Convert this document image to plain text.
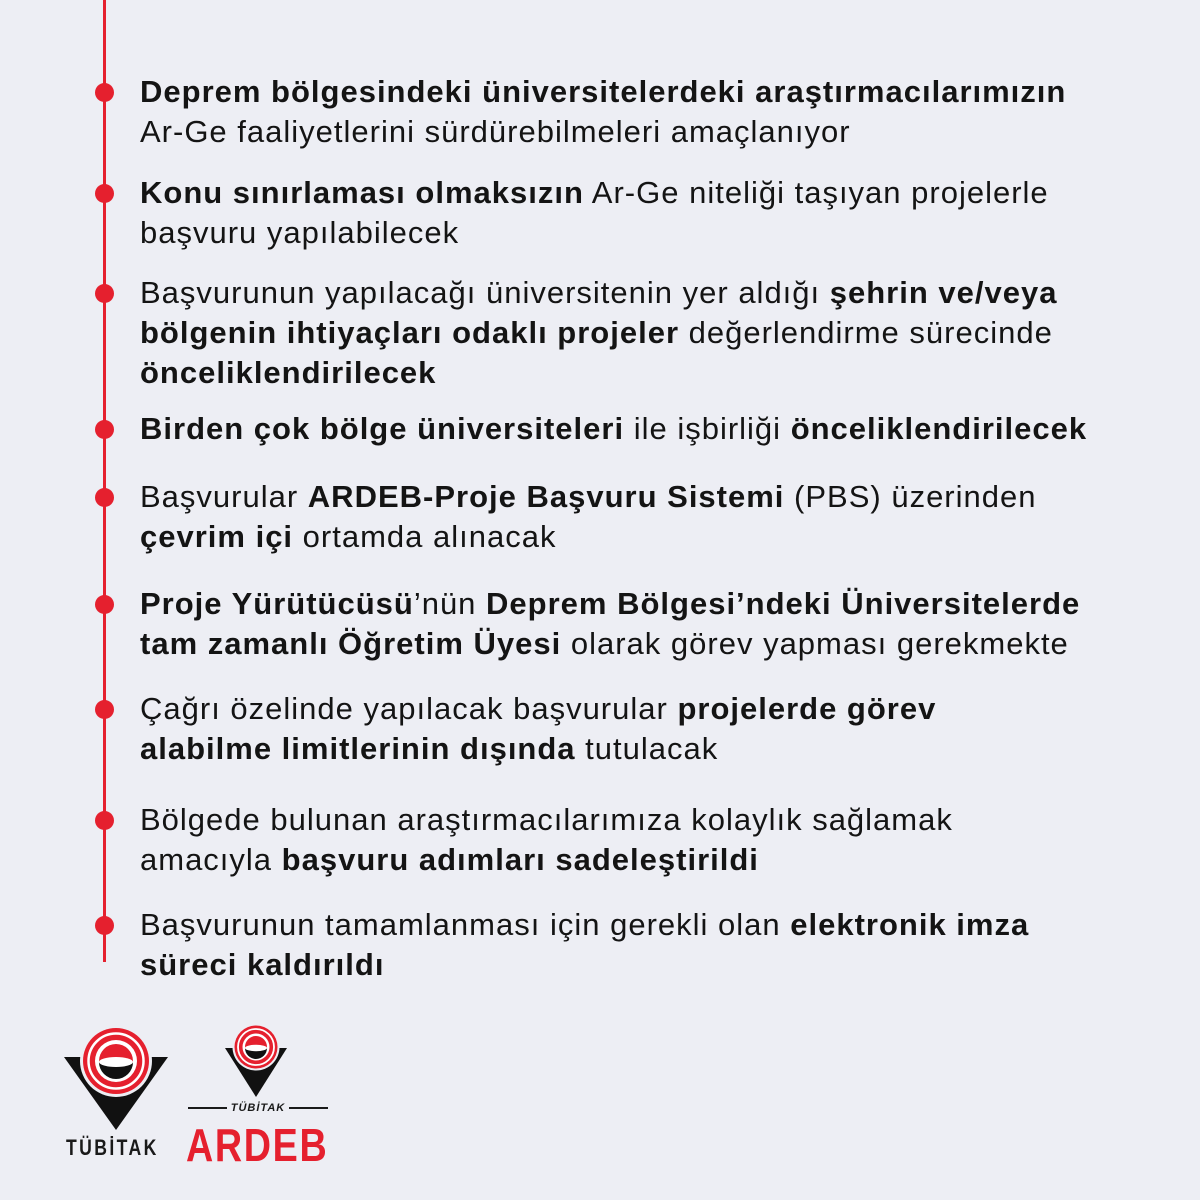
Deprem bölgesindeki üniversitelerdeki araştırmacılarımızın
Ar-Ge faaliyetlerini sürdürebilmeleri amaçlanıyor
Konu sınırlaması olmaksızın Ar-Ge niteliği taşıyan projelerle
başvuru yapılabilecek
Başvurunun yapılacağı üniversitenin yer aldığı şehrin ve/veya
bölgenin ihtiyaçları odaklı projeler değerlendirme sürecinde
önceliklendirilecek
Birden çok bölge üniversiteleri ile işbirliği önceliklendirilecek
Başvurular ARDEB-Proje Başvuru Sistemi (PBS) üzerinden
çevrim içi ortamda alınacak
Proje Yürütücüsü’nün Deprem Bölgesi’ndeki Üniversitelerde
tam zamanlı Öğretim Üyesi olarak görev yapması gerekmekte
Çağrı özelinde yapılacak başvurular projelerde görev
alabilme limitlerinin dışında tutulacak
Bölgede bulunan araştırmacılarımıza kolaylık sağlamak
amacıyla başvuru adımları sadeleştirildi
Başvurunun tamamlanması için gerekli olan elektronik imza
süreci kaldırıldı
TÜBİTAK
TÜBİTAK
ARDEB
